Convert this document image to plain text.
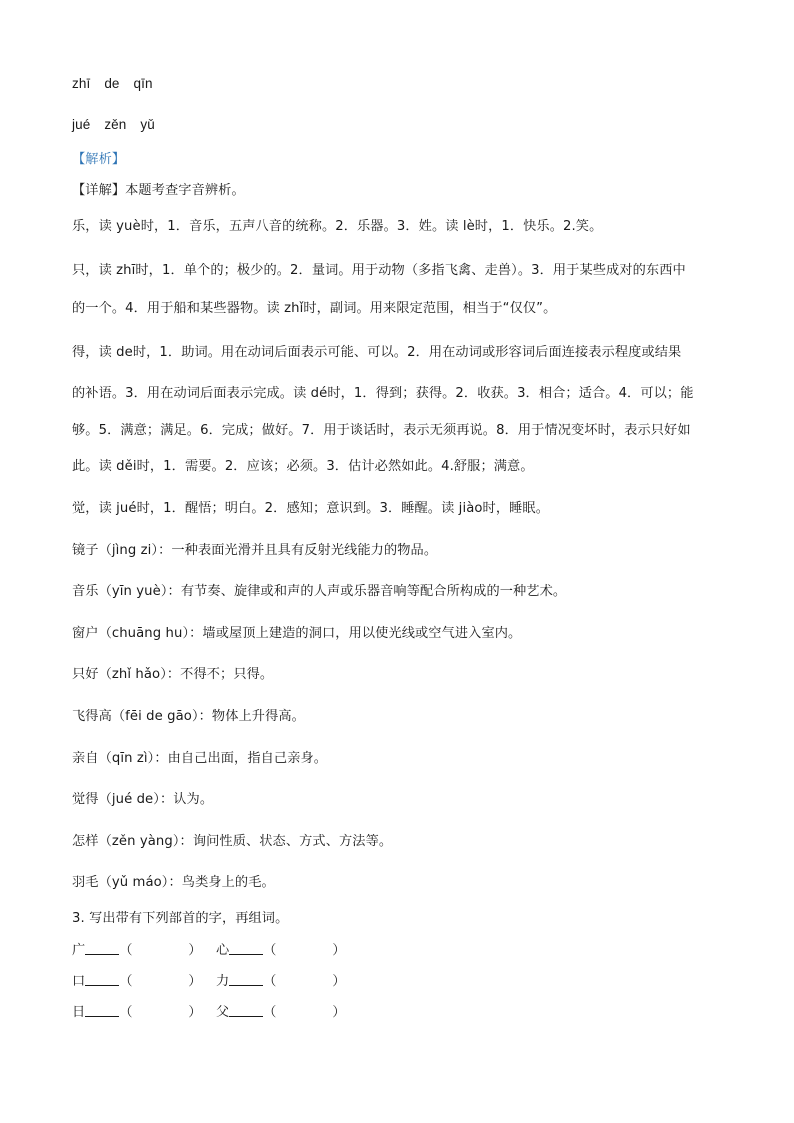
zhī de qīn
jué zěn yǔ
【解析】
【详解】本题考查字音辨析。
乐，读 yuè时，1．音乐，五声八音的统称。2．乐器。3．姓。读 lè时，1．快乐。2.笑。
只，读 zhī时，1．单个的；极少的。2．量词。用于动物（多指飞禽、走兽）。3．用于某些成对的东西中
的一个。4．用于船和某些器物。读 zhǐ时，副词。用来限定范围，相当于“仅仅”。
得，读 de时，1．助词。用在动词后面表示可能、可以。2．用在动词或形容词后面连接表示程度或结果
的补语。3．用在动词后面表示完成。读 dé时，1．得到；获得。2．收获。3．相合；适合。4．可以；能
够。5．满意；满足。6．完成；做好。7．用于谈话时，表示无须再说。8．用于情况变坏时，表示只好如
此。读 děi时，1．需要。2．应该；必须。3．估计必然如此。4.舒服；满意。
觉，读 jué时，1．醒悟；明白。2．感知；意识到。3．睡醒。读 jiào时，睡眠。
镜子（jìng zi）：一种表面光滑并且具有反射光线能力的物品。
音乐（yīn yuè）：有节奏、旋律或和声的人声或乐器音响等配合所构成的一种艺术。
窗户（chuāng hu）：墙或屋顶上建造的洞口，用以使光线或空气进入室内。
只好（zhǐ hǎo）：不得不；只得。
飞得高（fēi de gāo）：物体上升得高。
亲自（qīn zì）：由自己出面，指自己亲身。
觉得（jué de）：认为。
怎样（zěn yàng）：询问性质、状态、方式、方法等。
羽毛（yǔ máo）：鸟类身上的毛。
3. 写出带有下列部首的字，再组词。
广	（	） 心	（	）
口	（	） 力	（	）
日	（	） 父	（	）
